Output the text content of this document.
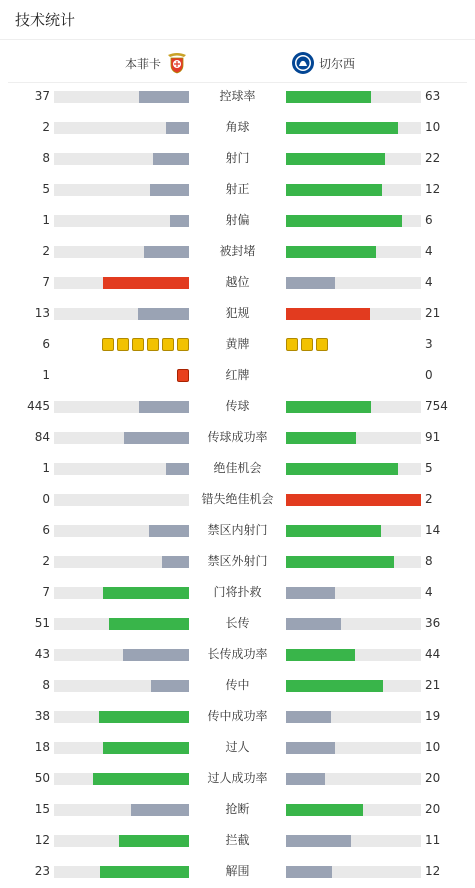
技术统计
本菲卡	切尔西
37	控球率	63
2	角球	10
8	射门	22
5	射正	12
1	射偏	6
2	被封堵	4
7	越位	4
13	犯规	21
6	黄牌	3
1	红牌	0
445	传球	754
84	传球成功率	91
1	绝佳机会	5
0	错失绝佳机会	2
6	禁区内射门	14
2	禁区外射门	8
7	门将扑救	4
51	长传	36
43	长传成功率	44
8	传中	21
38	传中成功率	19
18	过人	10
50	过人成功率	20
15	抢断	20
12	拦截	11
23	解围	12
